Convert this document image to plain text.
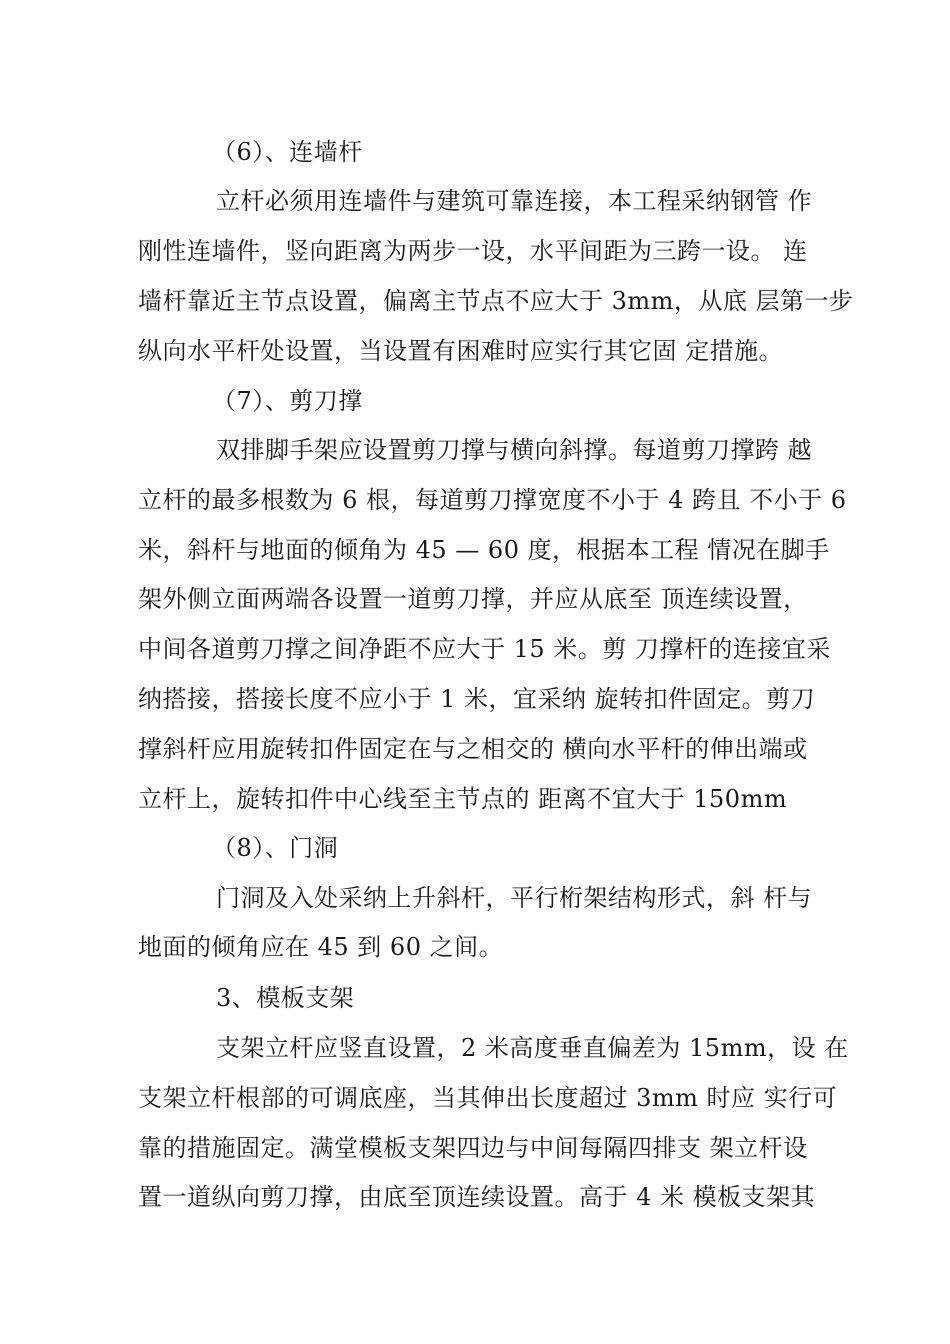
（6）、连墙杆
立杆必须用连墙件与建筑可靠连接，本工程采纳钢管 作
刚性连墙件，竖向距离为两步一设，水平间距为三跨一设。 连
墙杆靠近主节点设置，偏离主节点不应大于 3mm，从底 层第一步
纵向水平杆处设置，当设置有困难时应实行其它固 定措施。
（7）、剪刀撑
双排脚手架应设置剪刀撑与横向斜撑。每道剪刀撑跨 越
立杆的最多根数为 6 根，每道剪刀撑宽度不小于 4 跨且 不小于 6
米，斜杆与地面的倾角为 45 — 60 度，根据本工程 情况在脚手
架外侧立面两端各设置一道剪刀撑，并应从底至 顶连续设置，
中间各道剪刀撑之间净距不应大于 15 米。剪 刀撑杆的连接宜采
纳搭接，搭接长度不应小于 1 米，宜采纳 旋转扣件固定。剪刀
撑斜杆应用旋转扣件固定在与之相交的 横向水平杆的伸出端或
立杆上，旋转扣件中心线至主节点的 距离不宜大于 150mm
（8）、门洞
门洞及入处采纳上升斜杆，平行桁架结构形式，斜 杆与
地面的倾角应在 45 到 60 之间。
3、模板支架
支架立杆应竖直设置，2 米高度垂直偏差为 15mm，设 在
支架立杆根部的可调底座，当其伸出长度超过 3mm 时应 实行可
靠的措施固定。满堂模板支架四边与中间每隔四排支 架立杆设
置一道纵向剪刀撑，由底至顶连续设置。高于 4 米 模板支架其
